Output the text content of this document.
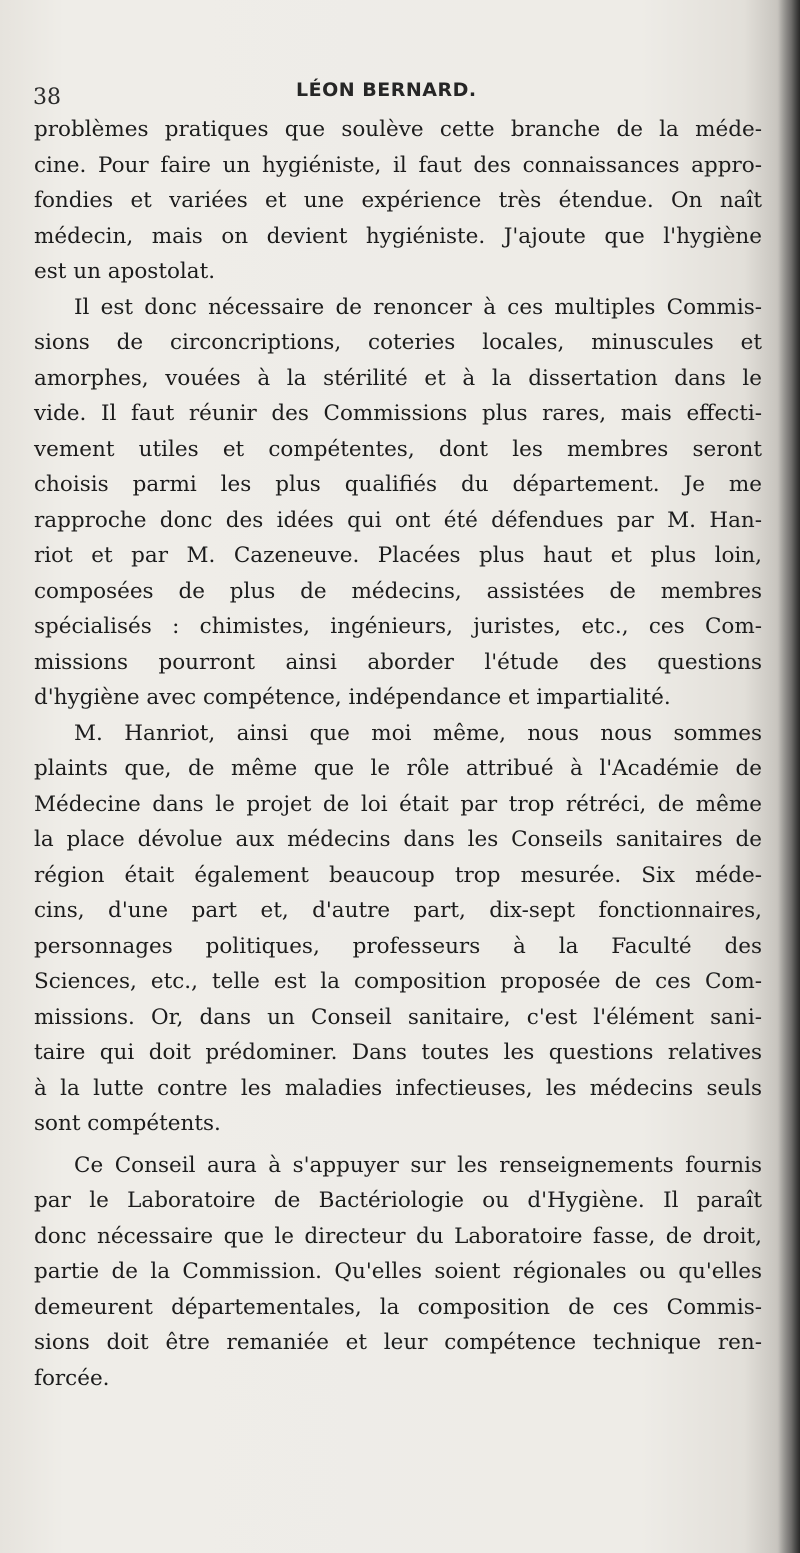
38	LÉON BERNARD.
problèmes pratiques que soulève cette branche de la méde-
cine. Pour faire un hygiéniste, il faut des connaissances appro-
fondies et variées et une expérience très étendue. On naît
médecin, mais on devient hygiéniste. J'ajoute que l'hygiène
est un apostolat.
Il est donc nécessaire de renoncer à ces multiples Commis-
sions de circoncriptions, coteries locales, minuscules et
amorphes, vouées à la stérilité et à la dissertation dans le
vide. Il faut réunir des Commissions plus rares, mais effecti-
vement utiles et compétentes, dont les membres seront
choisis parmi les plus qualifiés du département. Je me
rapproche donc des idées qui ont été défendues par M. Han-
riot et par M. Cazeneuve. Placées plus haut et plus loin,
composées de plus de médecins, assistées de membres
spécialisés : chimistes, ingénieurs, juristes, etc., ces Com-
missions pourront ainsi aborder l'étude des questions
d'hygiène avec compétence, indépendance et impartialité.
M. Hanriot, ainsi que moi même, nous nous sommes
plaints que, de même que le rôle attribué à l'Académie de
Médecine dans le projet de loi était par trop rétréci, de même
la place dévolue aux médecins dans les Conseils sanitaires de
région était également beaucoup trop mesurée. Six méde-
cins, d'une part et, d'autre part, dix-sept fonctionnaires,
personnages politiques, professeurs à la Faculté des
Sciences, etc., telle est la composition proposée de ces Com-
missions. Or, dans un Conseil sanitaire, c'est l'élément sani-
taire qui doit prédominer. Dans toutes les questions relatives
à la lutte contre les maladies infectieuses, les médecins seuls
sont compétents.
Ce Conseil aura à s'appuyer sur les renseignements fournis
par le Laboratoire de Bactériologie ou d'Hygiène. Il paraît
donc nécessaire que le directeur du Laboratoire fasse, de droit,
partie de la Commission. Qu'elles soient régionales ou qu'elles
demeurent départementales, la composition de ces Commis-
sions doit être remaniée et leur compétence technique ren-
forcée.
